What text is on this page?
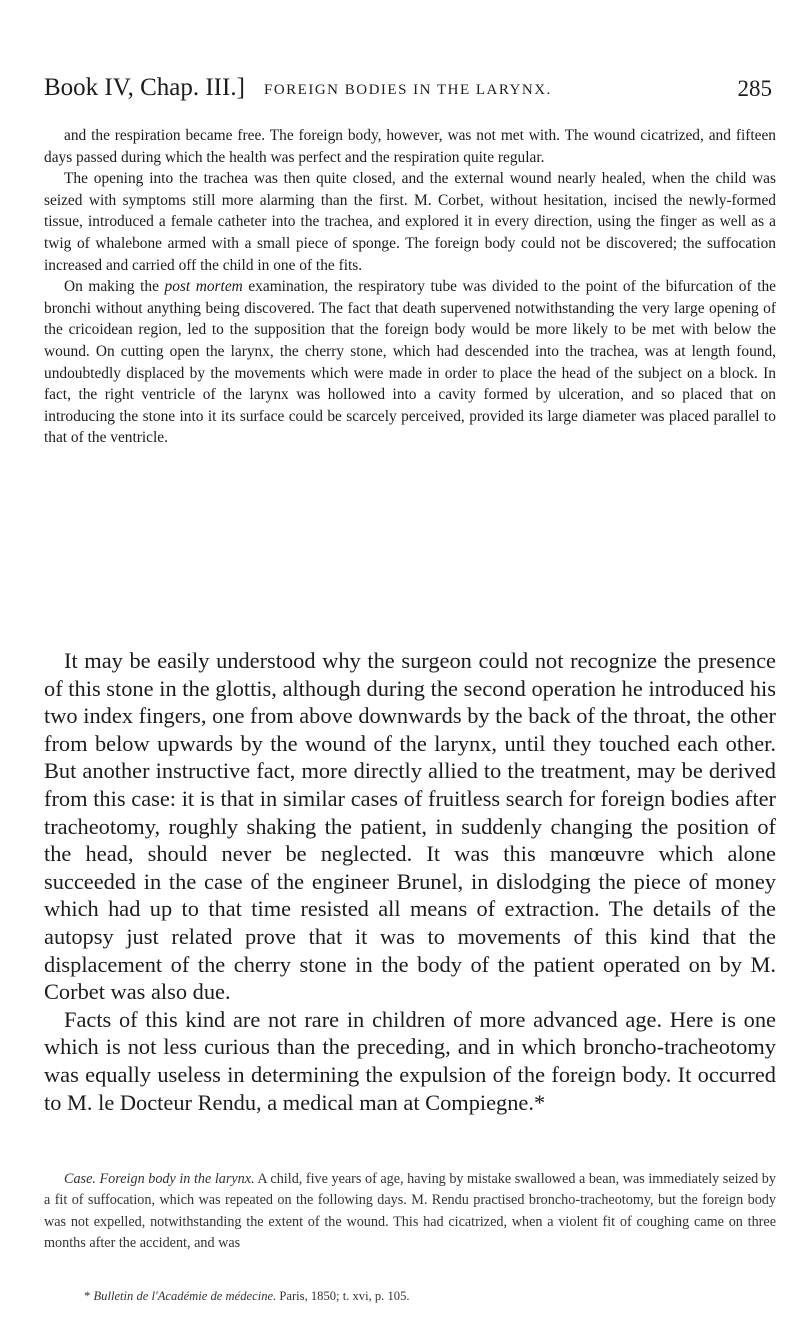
Book IV, Chap. III.] FOREIGN BODIES IN THE LARYNX.	285

and the respiration became free. The foreign body, however, was not met with. The wound cicatrized, and fifteen days passed during which the health was perfect and the respiration quite regular.

The opening into the trachea was then quite closed, and the external wound nearly healed, when the child was seized with symptoms still more alarming than the first. M. Corbet, without hesitation, incised the newly-formed tissue, introduced a female catheter into the trachea, and explored it in every direction, using the finger as well as a twig of whalebone armed with a small piece of sponge. The foreign body could not be discovered; the suffocation increased and carried off the child in one of the fits.

On making the post mortem examination, the respiratory tube was divided to the point of the bifurcation of the bronchi without anything being discovered. The fact that death supervened notwithstanding the very large opening of the cricoidean region, led to the supposition that the foreign body would be more likely to be met with below the wound. On cutting open the larynx, the cherry stone, which had descended into the trachea, was at length found, undoubtedly displaced by the movements which were made in order to place the head of the subject on a block. In fact, the right ventricle of the larynx was hollowed into a cavity formed by ulceration, and so placed that on introducing the stone into it its surface could be scarcely perceived, provided its large diameter was placed parallel to that of the ventricle.

It may be easily understood why the surgeon could not recognize the presence of this stone in the glottis, although during the second operation he introduced his two index fingers, one from above downwards by the back of the throat, the other from below upwards by the wound of the larynx, until they touched each other. But another instructive fact, more directly allied to the treatment, may be derived from this case: it is that in similar cases of fruitless search for foreign bodies after tracheotomy, roughly shaking the patient, in suddenly changing the position of the head, should never be neglected. It was this manœuvre which alone succeeded in the case of the engineer Brunel, in dislodging the piece of money which had up to that time resisted all means of extraction. The details of the autopsy just related prove that it was to movements of this kind that the displacement of the cherry stone in the body of the patient operated on by M. Corbet was also due.

Facts of this kind are not rare in children of more advanced age. Here is one which is not less curious than the preceding, and in which broncho-tracheotomy was equally useless in determining the expulsion of the foreign body. It occurred to M. le Docteur Rendu, a medical man at Compiegne.*

Case. Foreign body in the larynx. A child, five years of age, having by mistake swallowed a bean, was immediately seized by a fit of suffocation, which was repeated on the following days. M. Rendu practised broncho-tracheotomy, but the foreign body was not expelled, notwithstanding the extent of the wound. This had cicatrized, when a violent fit of coughing came on three months after the accident, and was

* Bulletin de l'Académie de médecine. Paris, 1850; t. xvi, p. 105.
